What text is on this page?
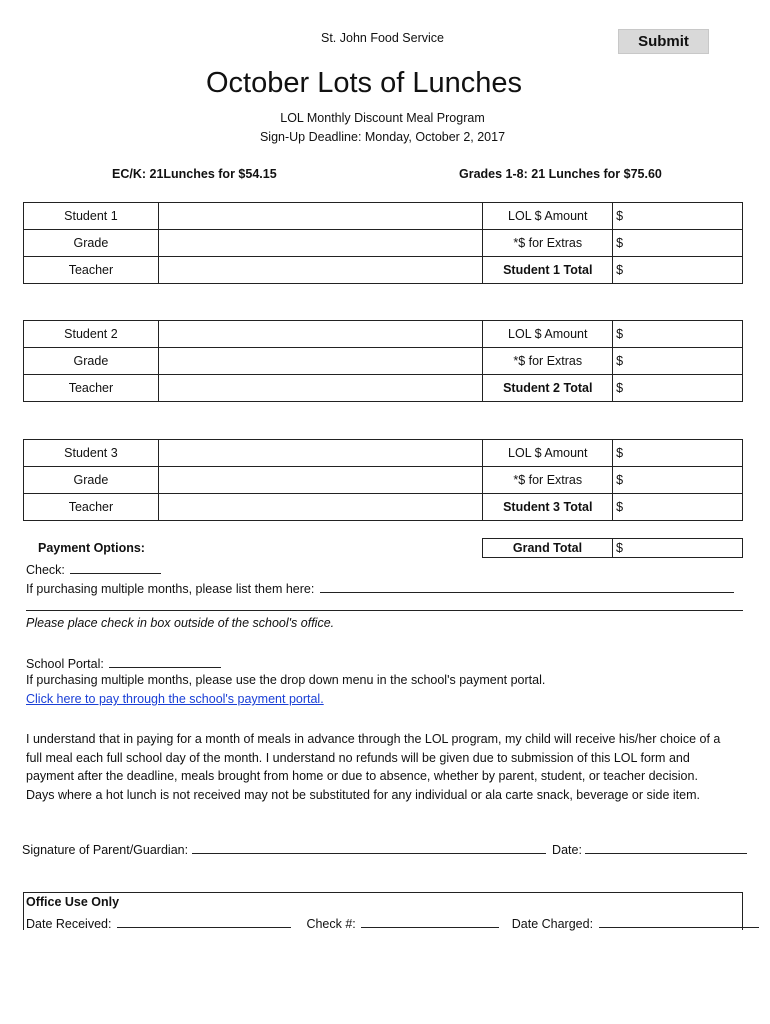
St. John Food Service	Submit
October Lots of Lunches
LOL Monthly Discount Meal Program
Sign-Up Deadline: Monday, October 2, 2017
EC/K: 21Lunches for $54.15	Grades 1-8: 21 Lunches for $75.60
Student 1		LOL $ Amount	$
Grade		*$ for Extras	$
Teacher		Student 1 Total	$
Student 2		LOL $ Amount	$
Grade		*$ for Extras	$
Teacher		Student 2 Total	$
Student 3		LOL $ Amount	$
Grade		*$ for Extras	$
Teacher		Student 3 Total	$
Payment Options:	Grand Total	$
Check:
If purchasing multiple months, please list them here:
Please place check in box outside of the school's office.
School Portal:
If purchasing multiple months, please use the drop down menu in the school's payment portal.
Click here to pay through the school's payment portal.
I understand that in paying for a month of meals in advance through the LOL program, my child will receive his/her choice of a
full meal each full school day of the month. I understand no refunds will be given due to submission of this LOL form and
payment after the deadline, meals brought from home or due to absence, whether by parent, student, or teacher decision.
Days where a hot lunch is not received may not be substituted for any individual or ala carte snack, beverage or side item.
Signature of Parent/Guardian:	Date:
Office Use Only
Date Received:	Check #:	Date Charged:
